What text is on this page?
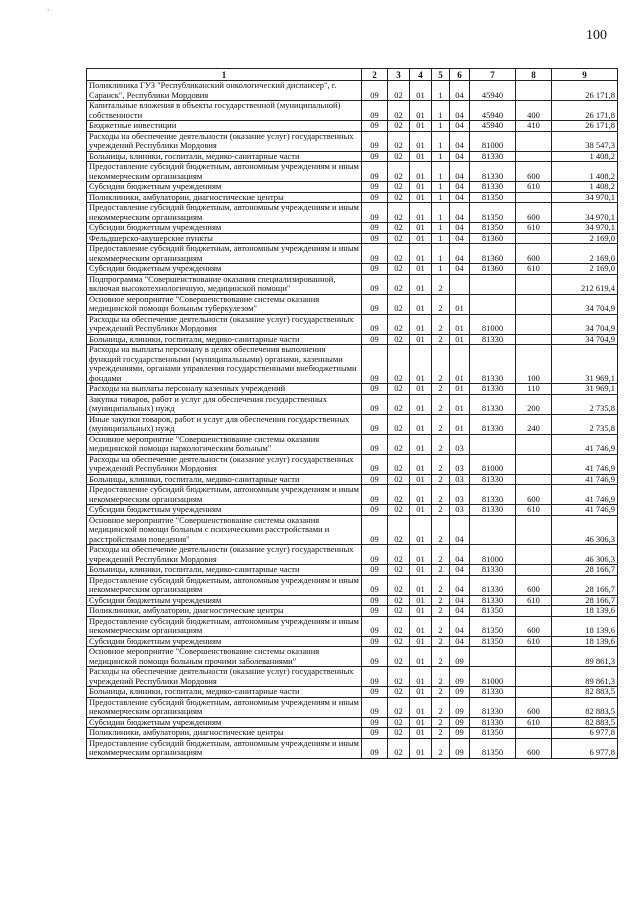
`
100
1	2	3	4	5	6	7	8	9
Поликлиника ГУЗ "Республиканский онкологический диспансер", г. Саранск", Республики Мордовия	09	02	01	1	04	45940		26 171,8
Капитальные вложения в объекты государственной (муниципальной) собственности	09	02	01	1	04	45940	400	26 171,8
Бюджетные инвестиции	09	02	01	1	04	45940	410	26 171,8
Расходы на обеспечение деятельности (оказание услуг) государственных учреждений Республики Мордовия	09	02	01	1	04	81000		38 547,3
Больницы, клиники, госпитали, медико-санитарные части	09	02	01	1	04	81330		1 408,2
Предоставление субсидий бюджетным, автономным учреждениям и иным некоммерческим организациям	09	02	01	1	04	81330	600	1 408,2
Субсидии бюджетным учреждениям	09	02	01	1	04	81330	610	1 408,2
Поликлиники, амбулатории, диагностические центры	09	02	01	1	04	81350		34 970,1
Предоставление субсидий бюджетным, автономным учреждениям и иным некоммерческим организациям	09	02	01	1	04	81350	600	34 970,1
Субсидии бюджетным учреждениям	09	02	01	1	04	81350	610	34 970,1
Фельдшерско-акушерские пункты	09	02	01	1	04	81360		2 169,0
Предоставление субсидий бюджетным, автономным учреждениям и иным некоммерческим организациям	09	02	01	1	04	81360	600	2 169,0
Субсидии бюджетным учреждениям	09	02	01	1	04	81360	610	2 169,0
Подпрограмма "Совершенствование оказания специализированной, включая высокотехнологичную, медицинской помощи"	09	02	01	2				212 619,4
Основное мероприятие "Совершенствование системы оказания медицинской помощи больным туберкулезом"	09	02	01	2	01			34 704,9
Расходы на обеспечение деятельности (оказание услуг) государственных учреждений Республики Мордовия	09	02	01	2	01	81000		34 704,9
Больницы, клиники, госпитали, медико-санитарные части	09	02	01	2	01	81330		34 704,9
Расходы на выплаты персоналу в целях обеспечения выполнения функций государственными (муниципальными) органами, казенными учреждениями, органами управления государственными внебюджетными фондами	09	02	01	2	01	81330	100	31 969,1
Расходы на выплаты персоналу казенных учреждений	09	02	01	2	01	81330	110	31 969,1
Закупка товаров, работ и услуг для обеспечения государственных (муниципальных) нужд	09	02	01	2	01	81330	200	2 735,8
Иные закупки товаров, работ и услуг для обеспечения государственных (муниципальных) нужд	09	02	01	2	01	81330	240	2 735,8
Основное мероприятие "Совершенствование системы оказания медицинской помощи наркологическим больным"	09	02	01	2	03			41 746,9
Расходы на обеспечение деятельности (оказание услуг) государственных учреждений Республики Мордовия	09	02	01	2	03	81000		41 746,9
Больницы, клиники, госпитали, медико-санитарные части	09	02	01	2	03	81330		41 746,9
Предоставление субсидий бюджетным, автономным учреждениям и иным некоммерческим организациям	09	02	01	2	03	81330	600	41 746,9
Субсидии бюджетным учреждениям	09	02	01	2	03	81330	610	41 746,9
Основное мероприятие "Совершенствование системы оказания медицинской помощи больным с психическими расстройствами и расстройствами поведения"	09	02	01	2	04			46 306,3
Расходы на обеспечение деятельности (оказание услуг) государственных учреждений Республики Мордовия	09	02	01	2	04	81000		46 306,3
Больницы, клиники, госпитали, медико-санитарные части	09	02	01	2	04	81330		28 166,7
Предоставление субсидий бюджетным, автономным учреждениям и иным некоммерческим организациям	09	02	01	2	04	81330	600	28 166,7
Субсидии бюджетным учреждениям	09	02	01	2	04	81330	610	28 166,7
Поликлиники, амбулатории, диагностические центры	09	02	01	2	04	81350		18 139,6
Предоставление субсидий бюджетным, автономным учреждениям и иным некоммерческим организациям	09	02	01	2	04	81350	600	18 139,6
Субсидии бюджетным учреждениям	09	02	01	2	04	81350	610	18 139,6
Основное мероприятие "Совершенствование системы оказания медицинской помощи больным прочими заболеваниями"	09	02	01	2	09			89 861,3
Расходы на обеспечение деятельности (оказание услуг) государственных учреждений Республики Мордовия	09	02	01	2	09	81000		89 861,3
Больницы, клиники, госпитали, медико-санитарные части	09	02	01	2	09	81330		82 883,5
Предоставление субсидий бюджетным, автономным учреждениям и иным некоммерческим организациям	09	02	01	2	09	81330	600	82 883,5
Субсидии бюджетным учреждениям	09	02	01	2	09	81330	610	82 883,5
Поликлиники, амбулатории, диагностические центры	09	02	01	2	09	81350		6 977,8
Предоставление субсидий бюджетным, автономным учреждениям и иным некоммерческим организациям	09	02	01	2	09	81350	600	6 977,8
